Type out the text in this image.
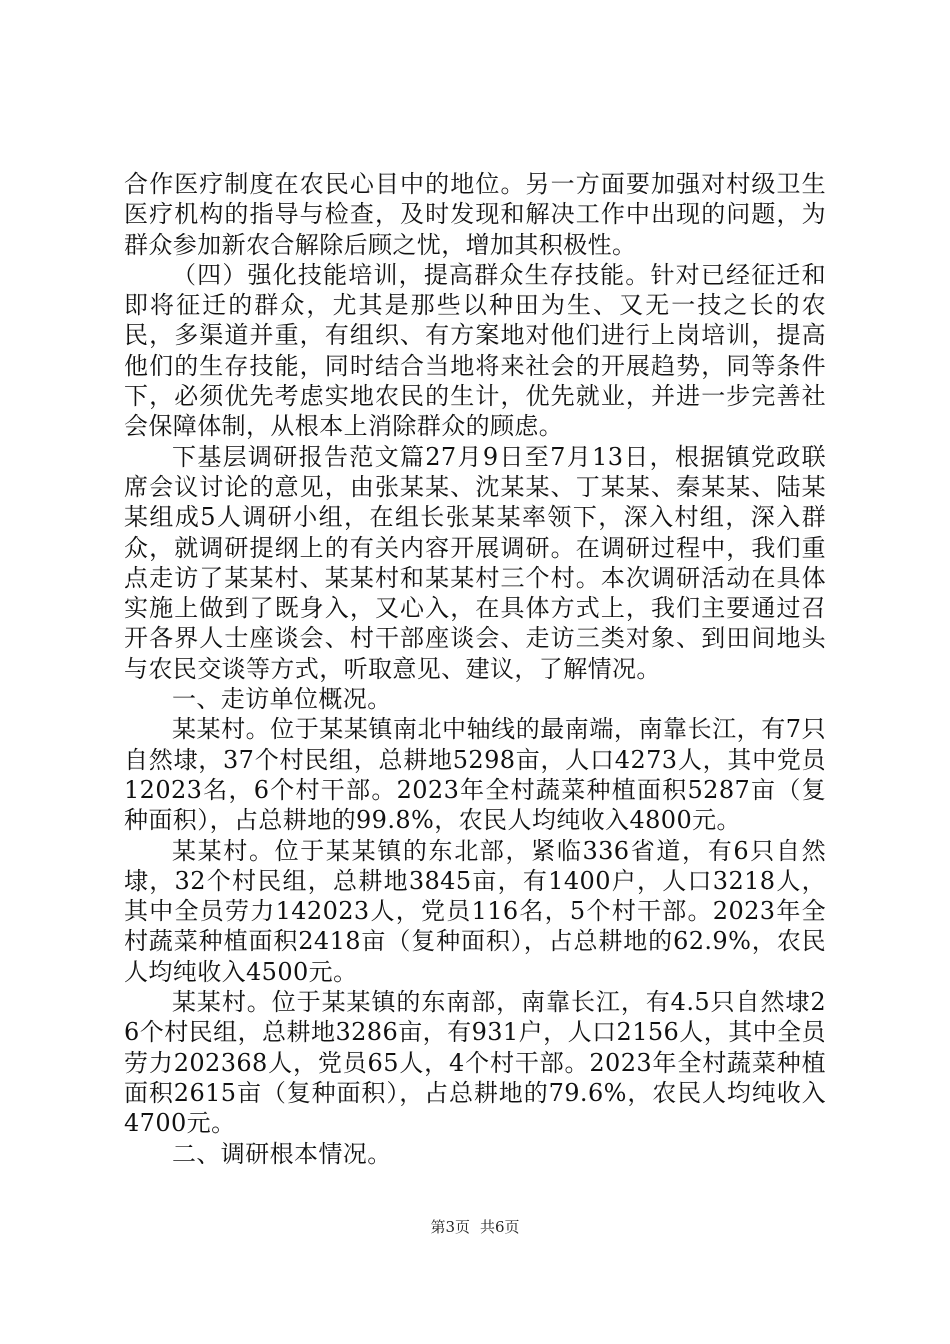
合作医疗制度在农民心目中的地位。另一方面要加强对村级卫生医疗机构的指导与检查，及时发现和解决工作中出现的问题，为群众参加新农合解除后顾之忧，增加其积极性。

（四）强化技能培训，提高群众生存技能。针对已经征迁和即将征迁的群众，尤其是那些以种田为生、又无一技之长的农民，多渠道并重，有组织、有方案地对他们进行上岗培训，提高他们的生存技能，同时结合当地将来社会的开展趋势，同等条件下，必须优先考虑实地农民的生计，优先就业，并进一步完善社会保障体制，从根本上消除群众的顾虑。

下基层调研报告范文篇27月9日至7月13日，根据镇党政联席会议讨论的意见，由张某某、沈某某、丁某某、秦某某、陆某某组成5人调研小组，在组长张某某率领下，深入村组，深入群众，就调研提纲上的有关内容开展调研。在调研过程中，我们重点走访了某某村、某某村和某某村三个村。本次调研活动在具体实施上做到了既身入，又心入，在具体方式上，我们主要通过召开各界人士座谈会、村干部座谈会、走访三类对象、到田间地头与农民交谈等方式，听取意见、建议，了解情况。

一、走访单位概况。

某某村。位于某某镇南北中轴线的最南端，南靠长江，有7只自然埭，37个村民组，总耕地5298亩，人口4273人，其中党员12023名，6个村干部。2023年全村蔬菜种植面积5287亩（复种面积），占总耕地的99.8%，农民人均纯收入4800元。

某某村。位于某某镇的东北部，紧临336省道，有6只自然埭，32个村民组，总耕地3845亩，有1400户，人口3218人，其中全员劳力142023人，党员116名，5个村干部。2023年全村蔬菜种植面积2418亩（复种面积），占总耕地的62.9%，农民人均纯收入4500元。

某某村。位于某某镇的东南部，南靠长江，有4.5只自然埭26个村民组，总耕地3286亩，有931户，人口2156人，其中全员劳力202368人，党员65人，4个村干部。2023年全村蔬菜种植面积2615亩（复种面积），占总耕地的79.6%，农民人均纯收入4700元。

二、调研根本情况。

第3页 共6页
